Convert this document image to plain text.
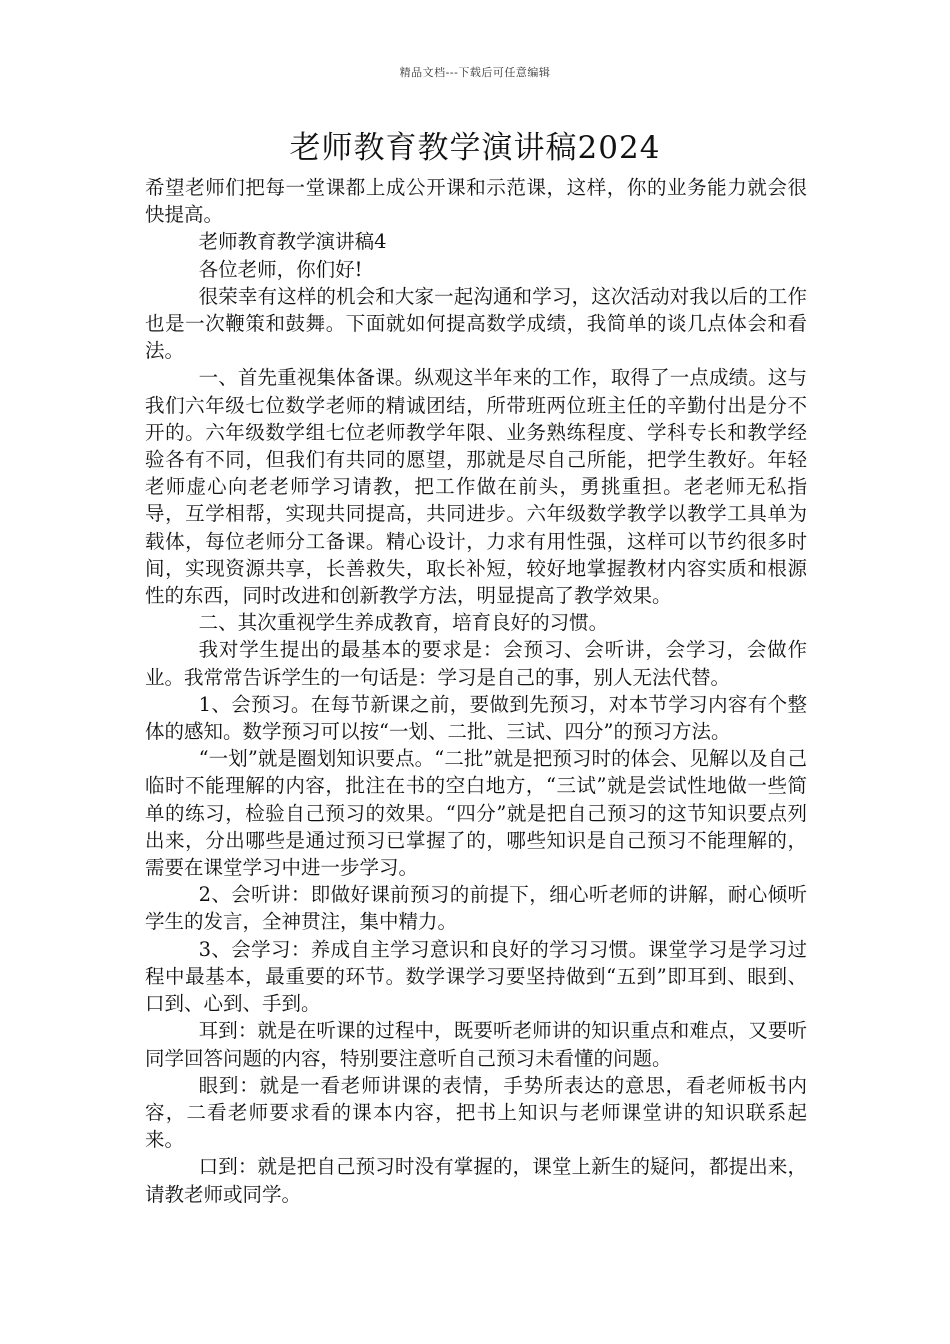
精品文档---下载后可任意编辑
老师教育教学演讲稿2024

希望老师们把每一堂课都上成公开课和示范课，这样，你的业务能力就会很快提高。

老师教育教学演讲稿4

各位老师，你们好!

很荣幸有这样的机会和大家一起沟通和学习，这次活动对我以后的工作也是一次鞭策和鼓舞。下面就如何提高数学成绩，我简单的谈几点体会和看法。

一、首先重视集体备课。纵观这半年来的工作，取得了一点成绩。这与我们六年级七位数学老师的精诚团结，所带班两位班主任的辛勤付出是分不开的。六年级数学组七位老师教学年限、业务熟练程度、学科专长和教学经验各有不同，但我们有共同的愿望，那就是尽自己所能，把学生教好。年轻老师虚心向老老师学习请教，把工作做在前头，勇挑重担。老老师无私指导，互学相帮，实现共同提高，共同进步。六年级数学教学以教学工具单为载体，每位老师分工备课。精心设计，力求有用性强，这样可以节约很多时间，实现资源共享，长善救失，取长补短，较好地掌握教材内容实质和根源性的东西，同时改进和创新教学方法，明显提高了教学效果。

二、其次重视学生养成教育，培育良好的习惯。

我对学生提出的最基本的要求是：会预习、会听讲，会学习，会做作业。我常常告诉学生的一句话是：学习是自己的事，别人无法代替。

1、会预习。在每节新课之前，要做到先预习，对本节学习内容有个整体的感知。数学预习可以按“一划、二批、三试、四分”的预习方法。

“一划”就是圈划知识要点。“二批”就是把预习时的体会、见解以及自己临时不能理解的内容，批注在书的空白地方，“三试”就是尝试性地做一些简单的练习，检验自己预习的效果。“四分”就是把自己预习的这节知识要点列出来，分出哪些是通过预习已掌握了的，哪些知识是自己预习不能理解的，需要在课堂学习中进一步学习。

2、会听讲：即做好课前预习的前提下，细心听老师的讲解，耐心倾听学生的发言，全神贯注，集中精力。

3、会学习：养成自主学习意识和良好的学习习惯。课堂学习是学习过程中最基本，最重要的环节。数学课学习要坚持做到“五到”即耳到、眼到、口到、心到、手到。

耳到：就是在听课的过程中，既要听老师讲的知识重点和难点，又要听同学回答问题的内容，特别要注意听自己预习未看懂的问题。

眼到：就是一看老师讲课的表情，手势所表达的意思，看老师板书内容，二看老师要求看的课本内容，把书上知识与老师课堂讲的知识联系起来。

口到：就是把自己预习时没有掌握的，课堂上新生的疑问，都提出来，请教老师或同学。
